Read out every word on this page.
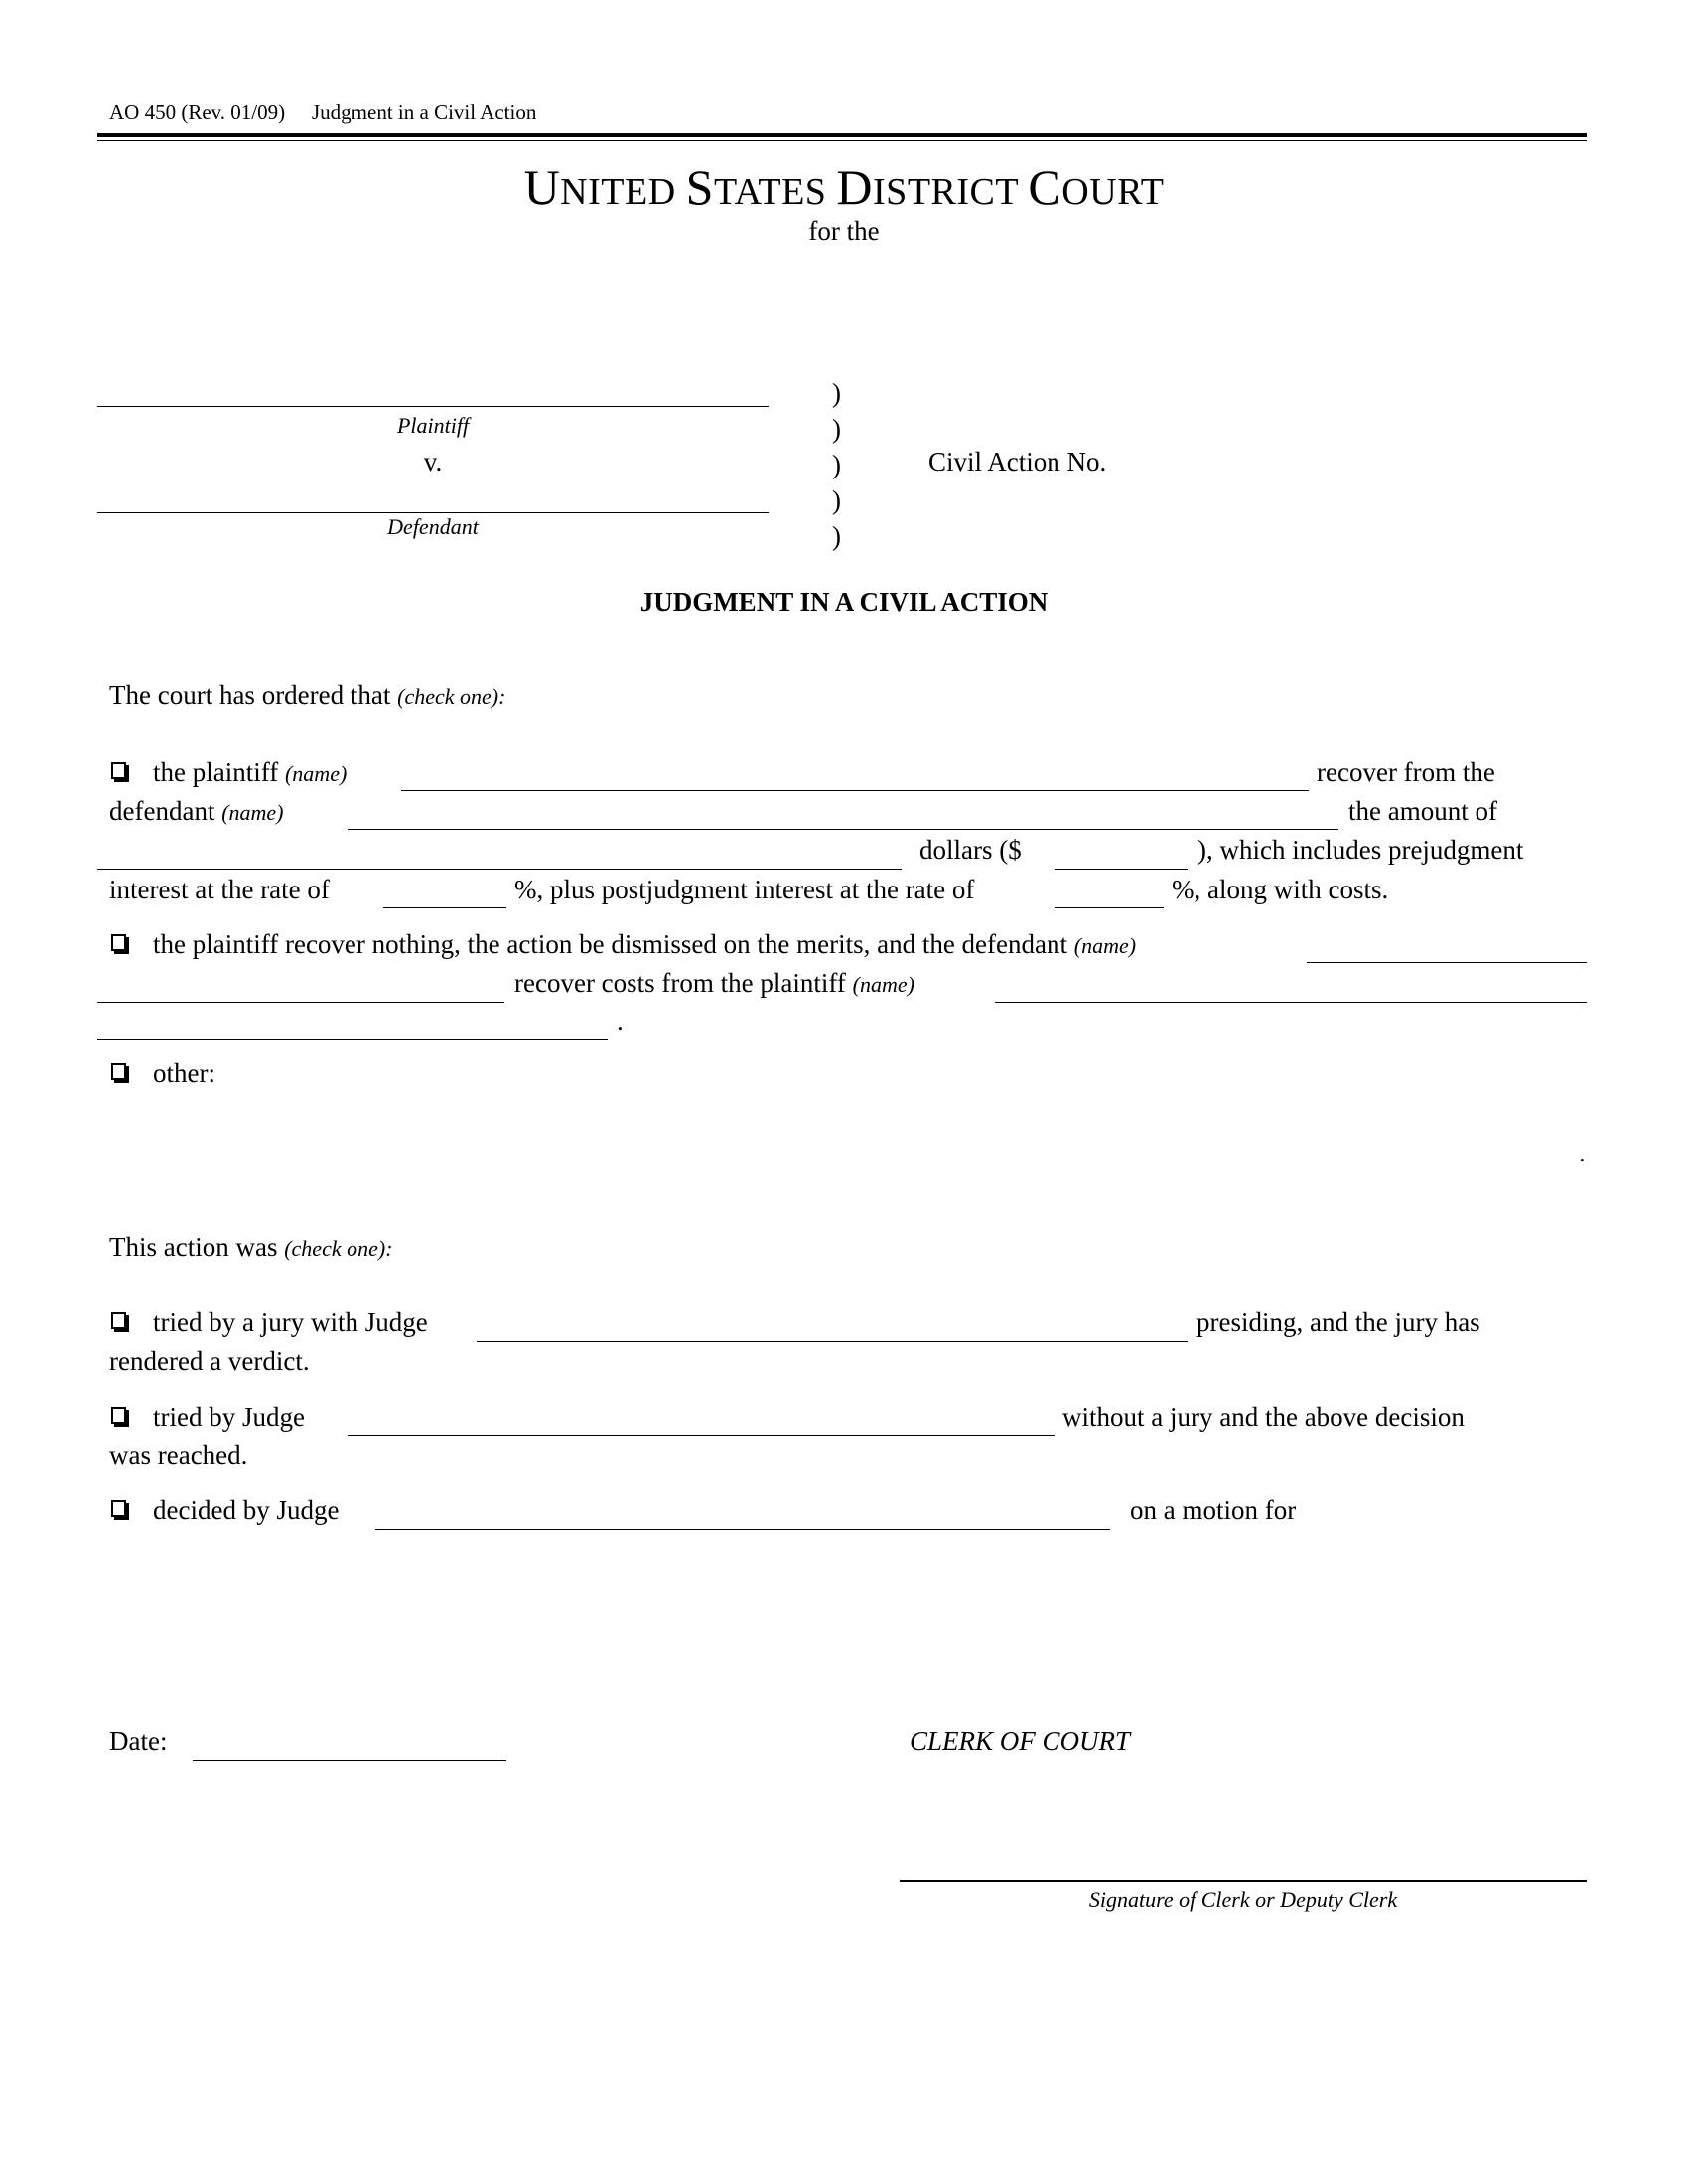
AO 450 (Rev. 01/09) Judgment in a Civil Action
UNITED STATES DISTRICT COURT
for the
Plaintiff
v.
Defendant
)
)
)
)
)
Civil Action No.
JUDGMENT IN A CIVIL ACTION
The court has ordered that (check one):
the plaintiff (name)	recover from the
defendant (name)	the amount of
dollars ($	), which includes prejudgment
interest at the rate of	%, plus postjudgment interest at the rate of	%, along with costs.
the plaintiff recover nothing, the action be dismissed on the merits, and the defendant (name)
recover costs from the plaintiff (name)
.
other:
.
This action was (check one):
tried by a jury with Judge	presiding, and the jury has
rendered a verdict.
tried by Judge	without a jury and the above decision
was reached.
decided by Judge	on a motion for
Date:	CLERK OF COURT
Signature of Clerk or Deputy Clerk
